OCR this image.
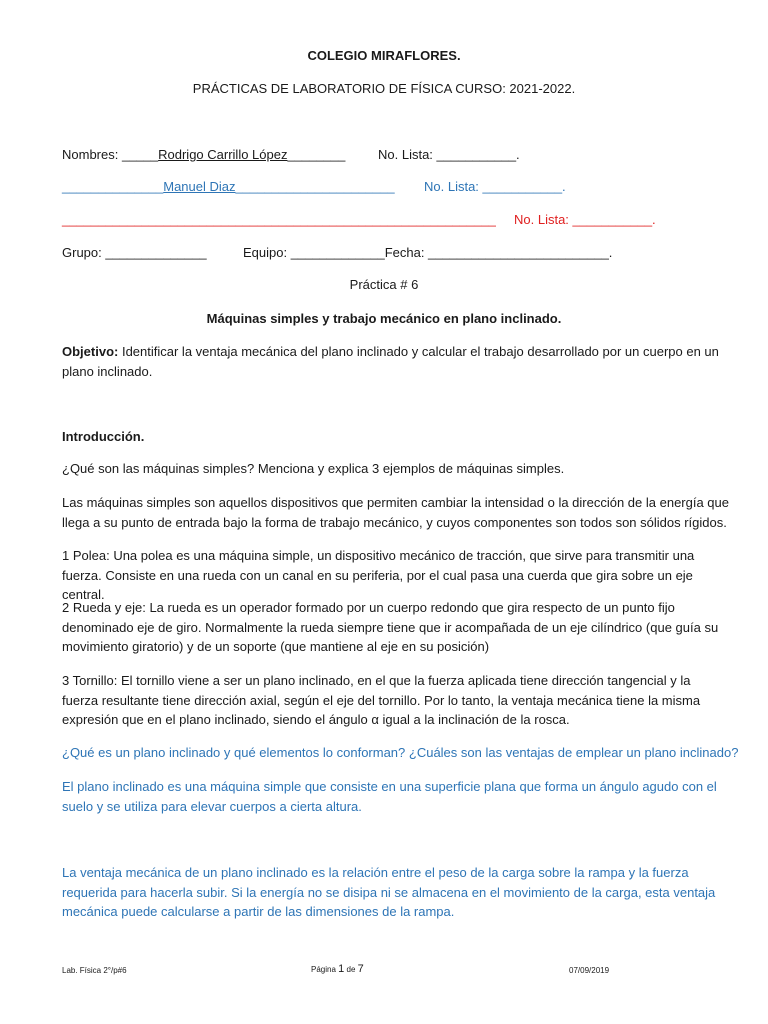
COLEGIO MIRAFLORES.
PRÁCTICAS DE LABORATORIO DE FÍSICA CURSO: 2021-2022.
Nombres: _____Rodrigo Carrillo López________	No. Lista: ___________.
______________Manuel Diaz______________________ No. Lista: ___________.
____________________________________________________________ No. Lista: ___________.
Grupo: ______________	Equipo: _____________Fecha: _________________________.
Práctica # 6
Máquinas simples y trabajo mecánico en plano inclinado.
Objetivo: Identificar la ventaja mecánica del plano inclinado y calcular el trabajo desarrollado por un cuerpo en un plano inclinado.
Introducción.
¿Qué son las máquinas simples? Menciona y explica 3 ejemplos de máquinas simples.
Las máquinas simples son aquellos dispositivos que permiten cambiar la intensidad o la dirección de la energía que llega a su punto de entrada bajo la forma de trabajo mecánico, y cuyos componentes son todos son sólidos rígidos.
1 Polea: Una polea es una máquina simple, un dispositivo mecánico de tracción, que sirve para transmitir una fuerza. Consiste en una rueda con un canal en su periferia, por el cual pasa una cuerda que gira sobre un eje central.
2 Rueda y eje: La rueda es un operador formado por un cuerpo redondo que gira respecto de un punto fijo denominado eje de giro. Normalmente la rueda siempre tiene que ir acompañada de un eje cilíndrico (que guía su movimiento giratorio) y de un soporte (que mantiene al eje en su posición)
3 Tornillo: El tornillo viene a ser un plano inclinado, en el que la fuerza aplicada tiene dirección tangencial y la fuerza resultante tiene dirección axial, según el eje del tornillo. Por lo tanto, la ventaja mecánica tiene la misma expresión que en el plano inclinado, siendo el ángulo α igual a la inclinación de la rosca.
¿Qué es un plano inclinado y qué elementos lo conforman? ¿Cuáles son las ventajas de emplear un plano inclinado?
El plano inclinado es una máquina simple que consiste en una superficie plana que forma un ángulo agudo con el suelo y se utiliza para elevar cuerpos a cierta altura.
La ventaja mecánica de un plano inclinado es la relación entre el peso de la carga sobre la rampa y la fuerza requerida para hacerla subir. Si la energía no se disipa ni se almacena en el movimiento de la carga, esta ventaja mecánica puede calcularse a partir de las dimensiones de la rampa.
Lab. Física 2°/p#6	Página 1 de 7	07/09/2019
